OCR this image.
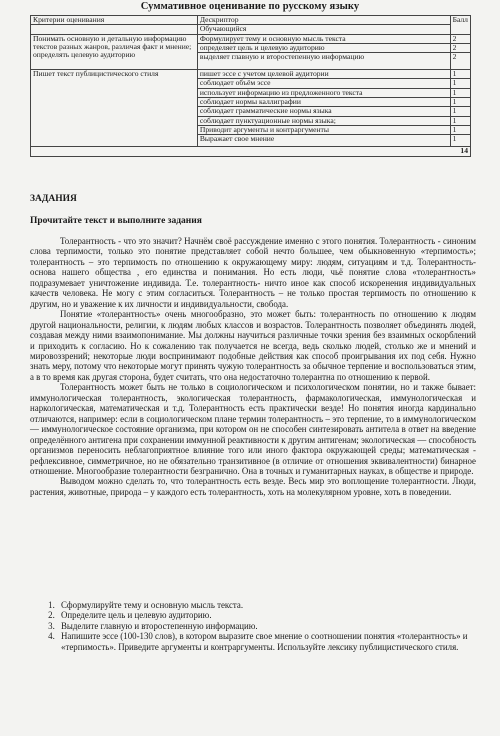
Суммативное оценивание по русскому языку
Критерии оценивания	Дескриптор	Балл
	Обучающийся	
Понимать основную и детальную информацию текстов разных жанров, различая факт и мнение; определять целевую аудиторию	Формулирует тему и основную мысль текста	2
	определяет цель и целевую аудиторию	2
	выделяет главную и второстепенную информацию	2
Пишет текст публицистического стиля	пишет эссе с учетом целевой аудитории	1
	соблюдает объём эссе	1
	использует информацию из предложенного текста	1
	соблюдает нормы каллиграфии	1
	соблюдает грамматические нормы языка	1
	соблюдает пунктуационные нормы языка;	1
	Приводит аргументы и контраргументы	1
	Выражает свое мнение	1
14		
ЗАДАНИЯ
Прочитайте текст и выполните задания

Толерантность - что это значит? Начнём своё рассуждение именно с этого понятия. Толерантность - синоним слова терпимости, только это понятие представляет собой нечто большее, чем обыкновенную «терпимость»; толерантность – это терпимость по отношению к окружающему миру: людям, ситуациям и т.д. Толерантность- основа нашего общества , его единства и понимания. Но есть люди, чьё понятие слова «толерантность» подразумевает уничтожение индивида. Т.е. толерантность- ничто иное как способ искоренения индивидуальных качеств человека. Не могу с этим согласиться. Толерантность – не только простая терпимость по отношению к другим, но и уважение к их личности и индивидуальности, свобода.

Понятие «толерантность» очень многообразно, это может быть: толерантность по отношению к людям другой национальности, религии, к людям любых классов и возрастов. Толерантность позволяет объединять людей, создавая между ними взаимопонимание. Мы должны научиться различные точки зрения без взаимных оскорблений и приходить к согласию. Но к сожалению так получается не всегда, ведь сколько людей, столько же и мнений и мировоззрений; некоторые люди воспринимают подобные действия как способ проигрывания их под себя. Нужно знать меру, потому что некоторые могут принять чужую толерантность за обычное терпение и воспользоваться этим, а в то время как другая сторона, будет считать, что она недостаточно толерантна по отношению к первой.

Толерантность может быть не только в социологическом и психологическом понятии, но и также бывает: иммунологическая толерантность, экологическая толерантность, фармакологическая, иммунологическая и наркологическая, математическая и т.д. Толерантность есть практически везде! Но понятия иногда кардинально отличаются, например: если в социологическом плане термин толерантность – это терпение, то в иммунологическом — иммунологическое состояние организма, при котором он не способен синтезировать антитела в ответ на введение определённого антигена при сохранении иммунной реактивности к другим антигенам; экологическая — способность организмов переносить неблагоприятное влияние того или иного фактора окружающей среды; математическая - рефлексивное, симметричное, но не обязательно транзитивное (в отличие от отношения эквивалентности) бинарное отношение. Многообразие толерантности безгранично. Она в точных и гуманитарных науках, в обществе и природе.

Выводом можно сделать то, что толерантность есть везде. Весь мир это воплощение толерантности. Люди, растения, животные, природа – у каждого есть толерантность, хоть на молекулярном уровне, хоть в поведении.

1. Сформулируйте тему и основную мысль текста.
2. Определите цель и целевую аудиторию.
3. Выделите главную и второстепенную информацию.
4. Напишите эссе (100-130 слов), в котором выразите свое мнение о соотношении понятия «толерантность» и «терпимость». Приведите аргументы и контраргументы. Используйте лексику публицистического стиля.
